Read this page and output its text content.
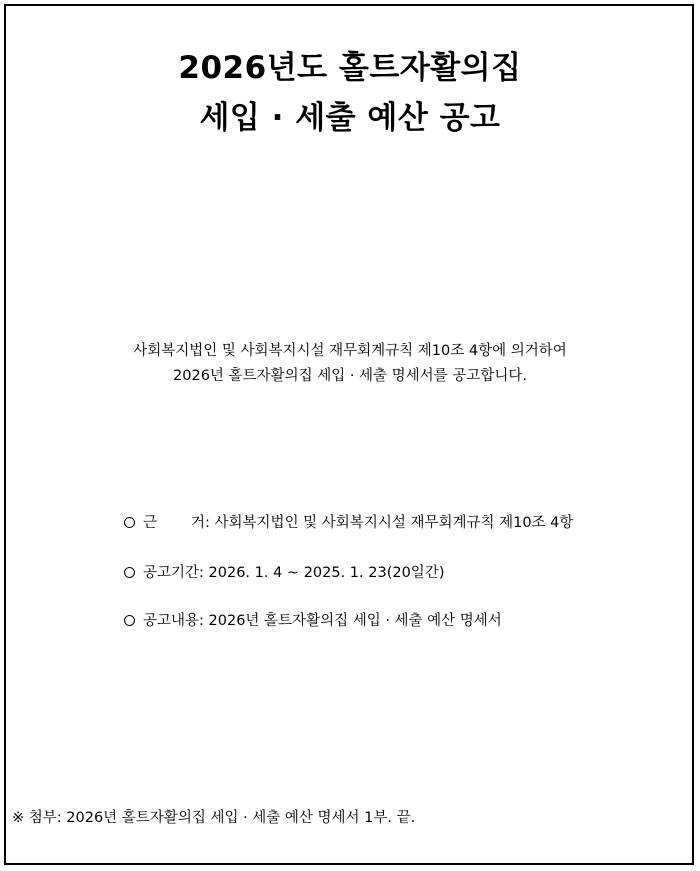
2026년도 홀트자활의집
세입 · 세출 예산 공고
사회복지법인 및 사회복지시설 재무회계규칙 제10조 4항에 의거하여
2026년 홀트자활의집 세입 · 세출 명세서를 공고합니다.
근 거: 사회복지법인 및 사회복지시설 재무회계규칙 제10조 4항
공고기간: 2026. 1. 4 ~ 2025. 1. 23(20일간)
공고내용: 2026년 홀트자활의집 세입 · 세출 예산 명세서
※ 첨부: 2026년 홀트자활의집 세입 · 세출 예산 명세서 1부. 끝.
